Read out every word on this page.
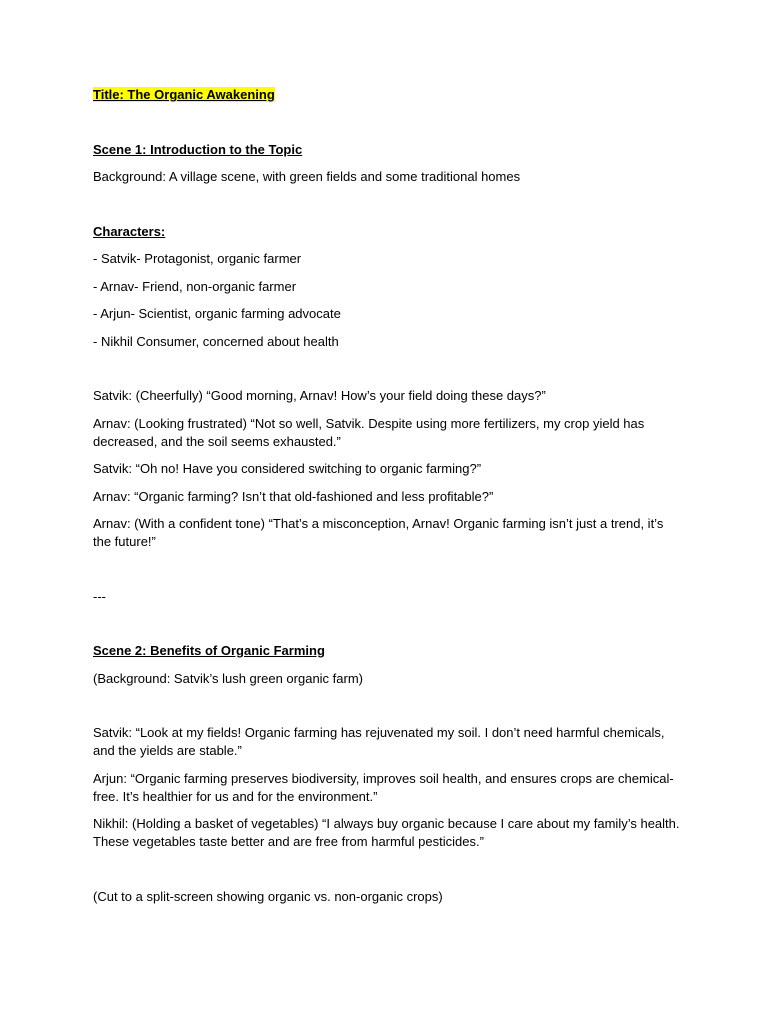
Title: The Organic Awakening

Scene 1: Introduction to the Topic

Background: A village scene, with green fields and some traditional homes

Characters:

- Satvik- Protagonist, organic farmer

- Arnav- Friend, non-organic farmer

- Arjun- Scientist, organic farming advocate

- Nikhil Consumer, concerned about health

Satvik: (Cheerfully) “Good morning, Arnav! How’s your field doing these days?”

Arnav: (Looking frustrated) “Not so well, Satvik. Despite using more fertilizers, my crop yield has decreased, and the soil seems exhausted.”

Satvik: “Oh no! Have you considered switching to organic farming?”

Arnav: “Organic farming? Isn’t that old-fashioned and less profitable?”

Arnav: (With a confident tone) “That’s a misconception, Arnav! Organic farming isn’t just a trend, it’s the future!”

---

Scene 2: Benefits of Organic Farming

(Background: Satvik’s lush green organic farm)

Satvik: “Look at my fields! Organic farming has rejuvenated my soil. I don’t need harmful chemicals, and the yields are stable.”

Arjun: “Organic farming preserves biodiversity, improves soil health, and ensures crops are chemical-free. It’s healthier for us and for the environment.”

Nikhil: (Holding a basket of vegetables) “I always buy organic because I care about my family’s health. These vegetables taste better and are free from harmful pesticides.”

(Cut to a split-screen showing organic vs. non-organic crops)
